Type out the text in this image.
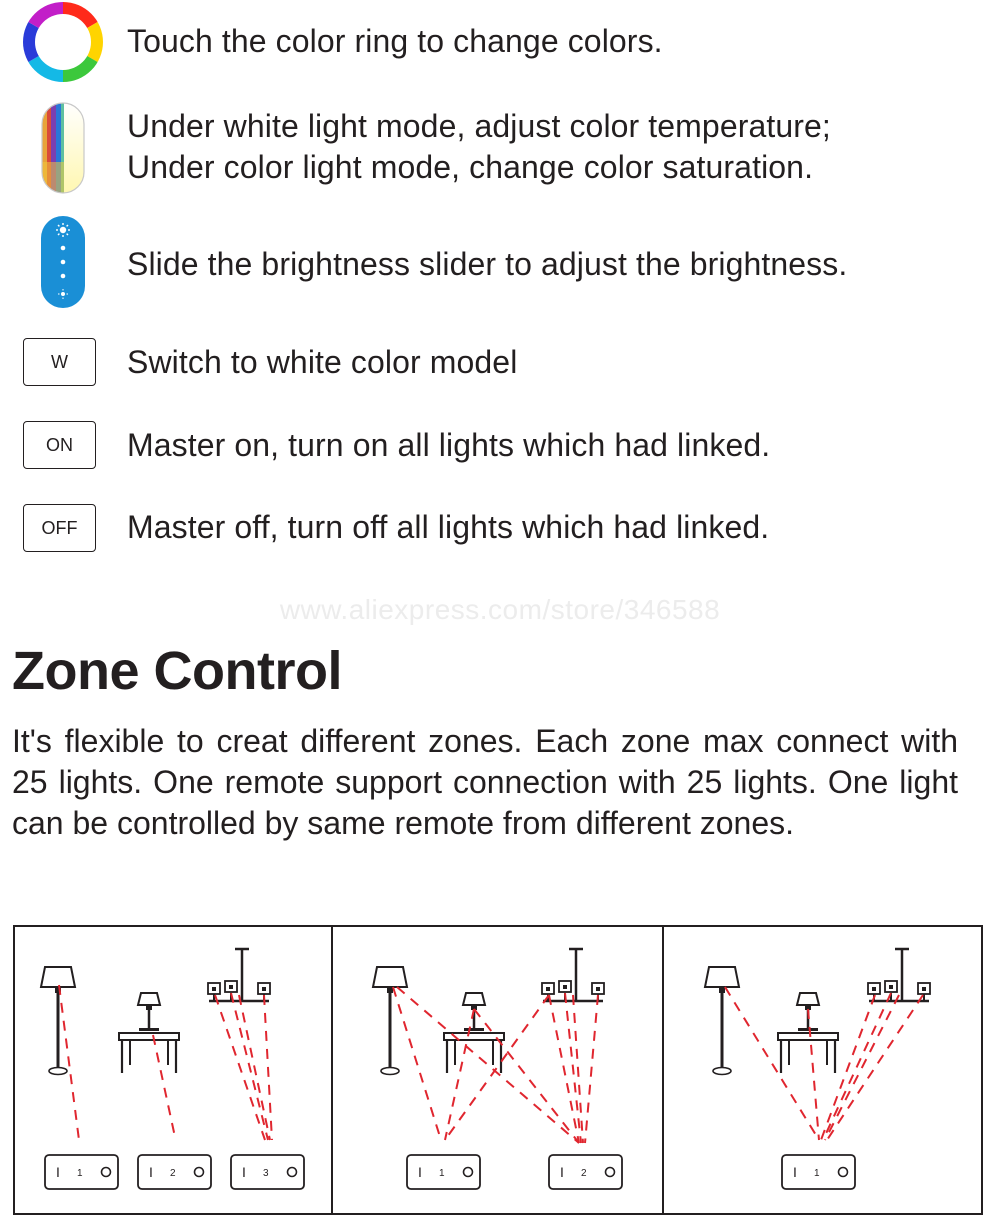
Touch the color ring to change colors.
Under white light mode, adjust color temperature;
Under color light mode, change color saturation.
Slide the brightness slider to adjust the brightness.
W	Switch to white color model
ON	Master on, turn on all lights which had linked.
OFF	Master off, turn off all lights which had linked.
www.aliexpress.com/store/346588
Zone Control
It's flexible to creat different zones. Each zone max connect with 25 lights. One remote support connection with 25 lights. One light can be controlled by same remote from different zones.
I 1	I 2	I 3	I 1	I 2	I 1
